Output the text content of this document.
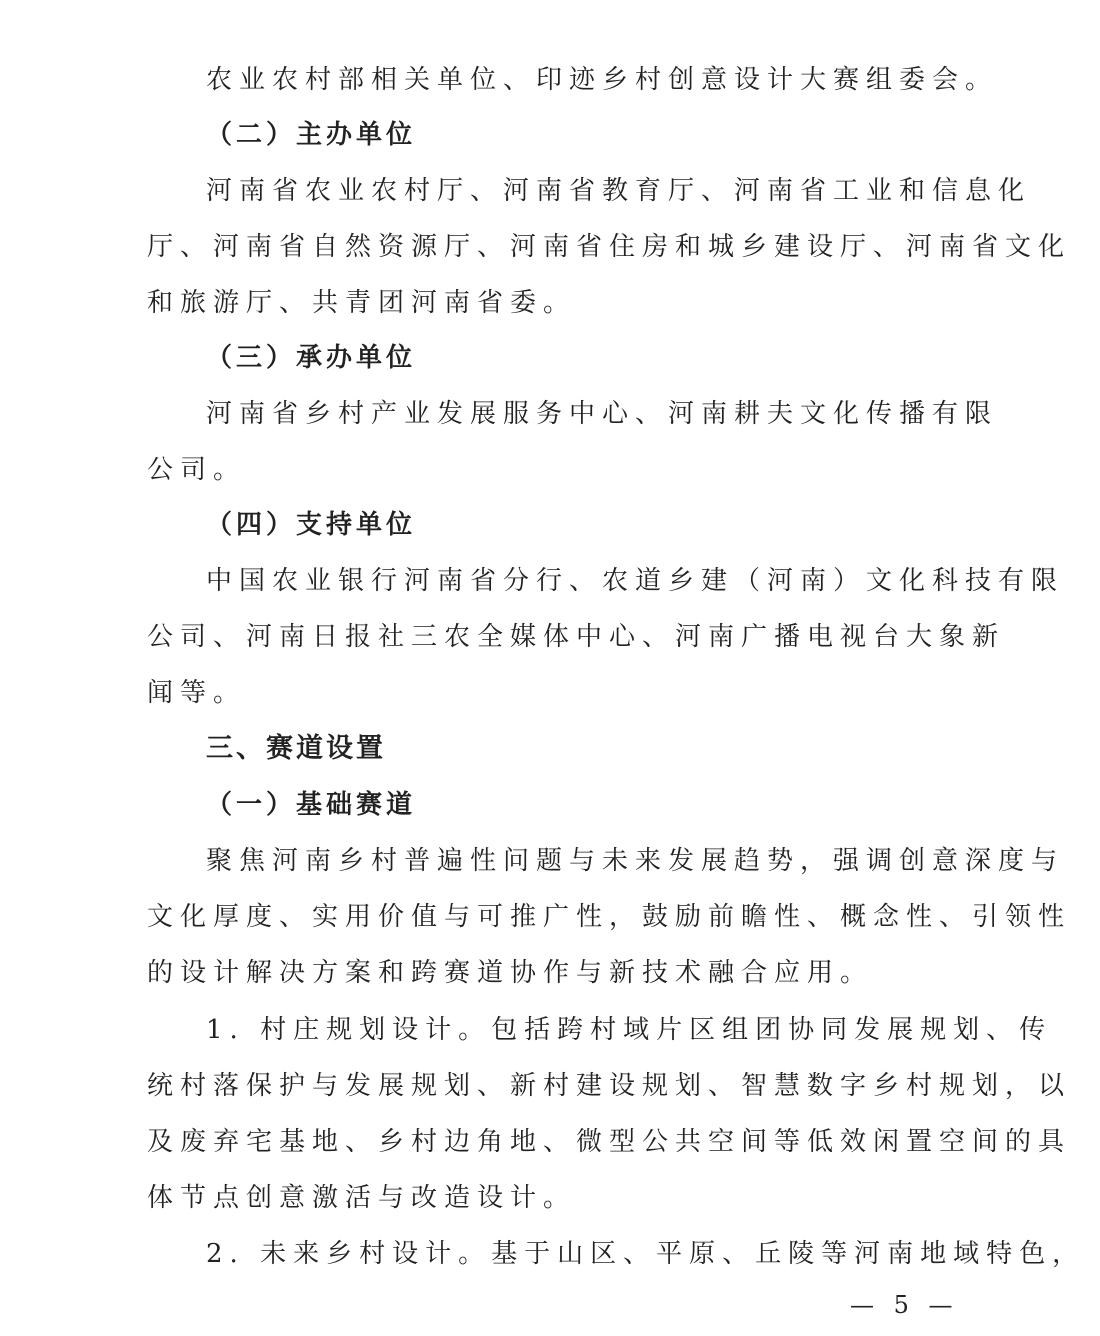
农业农村部相关单位、印迹乡村创意设计大赛组委会。
（二）主办单位
河南省农业农村厅、河南省教育厅、河南省工业和信息化
厅、河南省自然资源厅、河南省住房和城乡建设厅、河南省文化
和旅游厅、共青团河南省委。
（三）承办单位
河南省乡村产业发展服务中心、河南耕夫文化传播有限
公司。
（四）支持单位
中国农业银行河南省分行、农道乡建（河南）文化科技有限
公司、河南日报社三农全媒体中心、河南广播电视台大象新
闻等。
三、赛道设置
（一）基础赛道
聚焦河南乡村普遍性问题与未来发展趋势，强调创意深度与
文化厚度、实用价值与可推广性，鼓励前瞻性、概念性、引领性
的设计解决方案和跨赛道协作与新技术融合应用。
1. 村庄规划设计。包括跨村域片区组团协同发展规划、传
统村落保护与发展规划、新村建设规划、智慧数字乡村规划，以
及废弃宅基地、乡村边角地、微型公共空间等低效闲置空间的具
体节点创意激活与改造设计。
2. 未来乡村设计。基于山区、平原、丘陵等河南地域特色，
— 5 —
